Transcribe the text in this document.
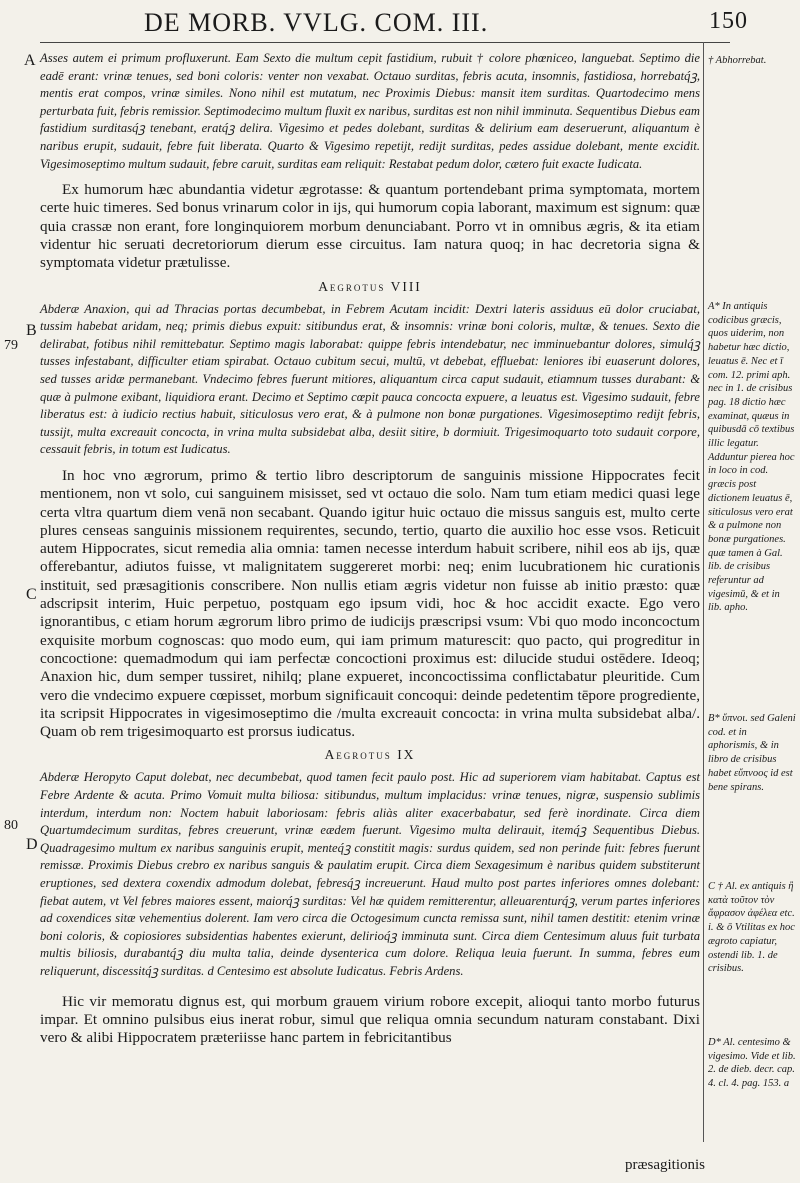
DE MORB. VVLG. COM. III.	150
A
B
79
C
80
D

Asses autem ei primum profluxerunt. Eam Sexto die multum cepit fastidium, rubuit † colore phœniceo, languebat. Septimo die eadē erant: vrinæ tenues, sed boni coloris: venter non vexabat. Octauo surditas, febris acuta, insomnis, fastidiosa, horrebatq́ꝫ, mentis erat compos, vrinæ similes. Nono nihil est mutatum, nec Proximis Diebus: mansit item surditas. Quartodecimo mens perturbata fuit, febris remissior. Septimodecimo multum fluxit ex naribus, surditas est non nihil imminuta. Sequentibus Diebus eam fastidium surditasq́ꝫ tenebant, eratq́ꝫ delira. Vigesimo et pedes dolebant, surditas & delirium eam deseruerunt, aliquantum è naribus erupit, sudauit, febre fuit liberata. Quarto & Vigesimo repetijt, redijt surditas, pedes assidue dolebant, mente excidit. Vigesimoseptimo multum sudauit, febre caruit, surditas eam reliquit: Restabat pedum dolor, cætero fuit exacte Iudicata.

Ex humorum hæc abundantia videtur ægrotasse: & quantum portendebant prima symptomata, mortem certe huic timeres. Sed bonus vrinarum color in ijs, qui humorum copia laborant, maximum est signum: quæ quia crassæ non erant, fore longinquiorem morbum denunciabant. Porro vt in omnibus ægris, & ita etiam videntur hic seruati decretoriorum dierum esse circuitus. Iam natura quoq; in hac decretoria signa & symptomata videtur prætulisse.

Aegrotus VIII

Abderæ Anaxion, qui ad Thracias portas decumbebat, in Febrem Acutam incidit: Dextri lateris assiduus eū dolor cruciabat, tussim habebat aridam, neq; primis diebus expuit: sitibundus erat, & insomnis: vrinæ boni coloris, multæ, & tenues. Sexto die delirabat, fotibus nihil remittebatur. Septimo magis laborabat: quippe febris intendebatur, nec imminuebantur dolores, simulq́ꝫ tusses infestabant, difficulter etiam spirabat. Octauo cubitum secui, multū, vt debebat, effluebat: leniores ibi euaserunt dolores, sed tusses aridæ permanebant. Vndecimo febres fuerunt mitiores, aliquantum circa caput sudauit, etiamnum tusses durabant: & quæ à pulmone exibant, liquidiora erant. Decimo et Septimo cœpit pauca concocta expuere, a leuatus est. Vigesimo sudauit, febre liberatus est: à iudicio rectius habuit, siticulosus vero erat, & à pulmone non bonæ purgationes. Vigesimoseptimo redijt febris, tussijt, multa excreauit concocta, in vrina multa subsidebat alba, desiit sitire, b dormiuit. Trigesimoquarto toto sudauit corpore, cessauit febris, in totum est Iudicatus.

In hoc vno ægrorum, primo & tertio libro descriptorum de sanguinis missione Hippocrates fecit mentionem, non vt solo, cui sanguinem misisset, sed vt octauo die solo. Nam tum etiam medici quasi lege certa vltra quartum diem venā non secabant. Quando igitur huic octauo die missus sanguis est, multo certe plures censeas sanguinis missionem requirentes, secundo, tertio, quarto die auxilio hoc esse vsos. Reticuit autem Hippocrates, sicut remedia alia omnia: tamen necesse interdum habuit scribere, nihil eos ab ijs, quæ offerebantur, adiutos fuisse, vt malignitatem suggereret morbi: neq; enim lucubrationem hic curationis instituit, sed præsagitionis conscribere. Non nullis etiam ægris videtur non fuisse ab initio præsto: quæ adscripsit interim, Huic perpetuo, postquam ego ipsum vidi, hoc & hoc accidit exacte. Ego vero ignorantibus, c etiam horum ægrorum libro primo de iudicijs præscripsi vsum: Vbi quo modo inconcoctum exquisite morbum cognoscas: quo modo eum, qui iam primum maturescit: quo pacto, qui progreditur in concoctione: quemadmodum qui iam perfectæ concoctioni proximus est: dilucide studui ostēdere. Ideoq; Anaxion hic, dum semper tussiret, nihilq; plane expueret, inconcoctissima conflictabatur pleuritide. Cum vero die vndecimo expuere cœpisset, morbum significauit concoqui: deinde pedetentim tēpore progrediente, ita scripsit Hippocrates in vigesimoseptimo die /multa excreauit concocta: in vrina multa subsidebat alba/. Quam ob rem trigesimoquarto est prorsus iudicatus.

Aegrotus IX

Abderæ Heropyto Caput dolebat, nec decumbebat, quod tamen fecit paulo post. Hic ad superiorem viam habitabat. Captus est Febre Ardente & acuta. Primo Vomuit multa biliosa: sitibundus, multum implacidus: vrinæ tenues, nigræ, suspensio sublimis interdum, interdum non: Noctem habuit laboriosam: febris aliàs aliter exacerbabatur, sed ferè inordinate. Circa diem Quartumdecimum surditas, febres creuerunt, vrinæ eædem fuerunt. Vigesimo multa delirauit, itemq́ꝫ Sequentibus Diebus. Quadragesimo multum ex naribus sanguinis erupit, menteq́ꝫ constitit magis: surdus quidem, sed non perinde fuit: febres fuerunt remissæ. Proximis Diebus crebro ex naribus sanguis & paulatim erupit. Circa diem Sexagesimum è naribus quidem substiterunt eruptiones, sed dextera coxendix admodum dolebat, febresq́ꝫ increuerunt. Haud multo post partes inferiores omnes dolebant: fiebat autem, vt Vel febres maiores essent, maiorq́ꝫ surditas: Vel hæ quidem remitterentur, alleuarenturq́ꝫ, verum partes inferiores ad coxendices sitæ vehementius dolerent. Iam vero circa die Octogesimum cuncta remissa sunt, nihil tamen destitit: etenim vrinæ boni coloris, & copiosiores subsidentias habentes exierunt, delirioq́ꝫ imminuta sunt. Circa diem Centesimum aluus fuit turbata multis biliosis, durabantq́ꝫ diu multa talia, deinde dysenterica cum dolore. Reliqua leuia fuerunt. In summa, febres eum reliquerunt, discessitq́ꝫ surditas. d Centesimo est absolute Iudicatus. Febris Ardens.

Hic vir memoratu dignus est, qui morbum grauem virium robore excepit, alioqui tanto morbo futurus impar. Et omnino pulsibus eius inerat robur, simul que reliqua omnia secundum naturam constabant. Dixi vero & alibi Hippocratem præteriisse hanc partem in febricitantibus

† Abhorrebat.
A* In antiquis codicibus græcis, quos uiderim, non habetur hæc dictio, leuatus ē. Nec et ī com. 12. primi aph. nec in 1. de crisibus pag. 18 dictio hæc examinat, quæus in quibusdā cō textibus illic legatur. Adduntur pierea hoc in loco in cod. græcis post dictionem leuatus ē, siticulosus vero erat & a pulmone non bonæ purgationes. quæ tamen à Gal. lib. de crisibus referuntur ad vigesimū, & et in lib. apho.
B* ὕπνοι. sed Galeni cod. et in aphorismis, & in libro de crisibus habet εὔπνοος id est bene spirans.
C † Al. ex antiquis ἢ κατὰ τοῦτον τὸν ἄφρασον ἀφέλεα etc. i. & ō Vtilitas ex hoc ægroto capiatur, ostendi lib. 1. de crisibus.
D* Al. centesimo & vigesimo. Vide et lib. 2. de dieb. decr. cap. 4. cl. 4. pag. 153. a
præsagitionis
